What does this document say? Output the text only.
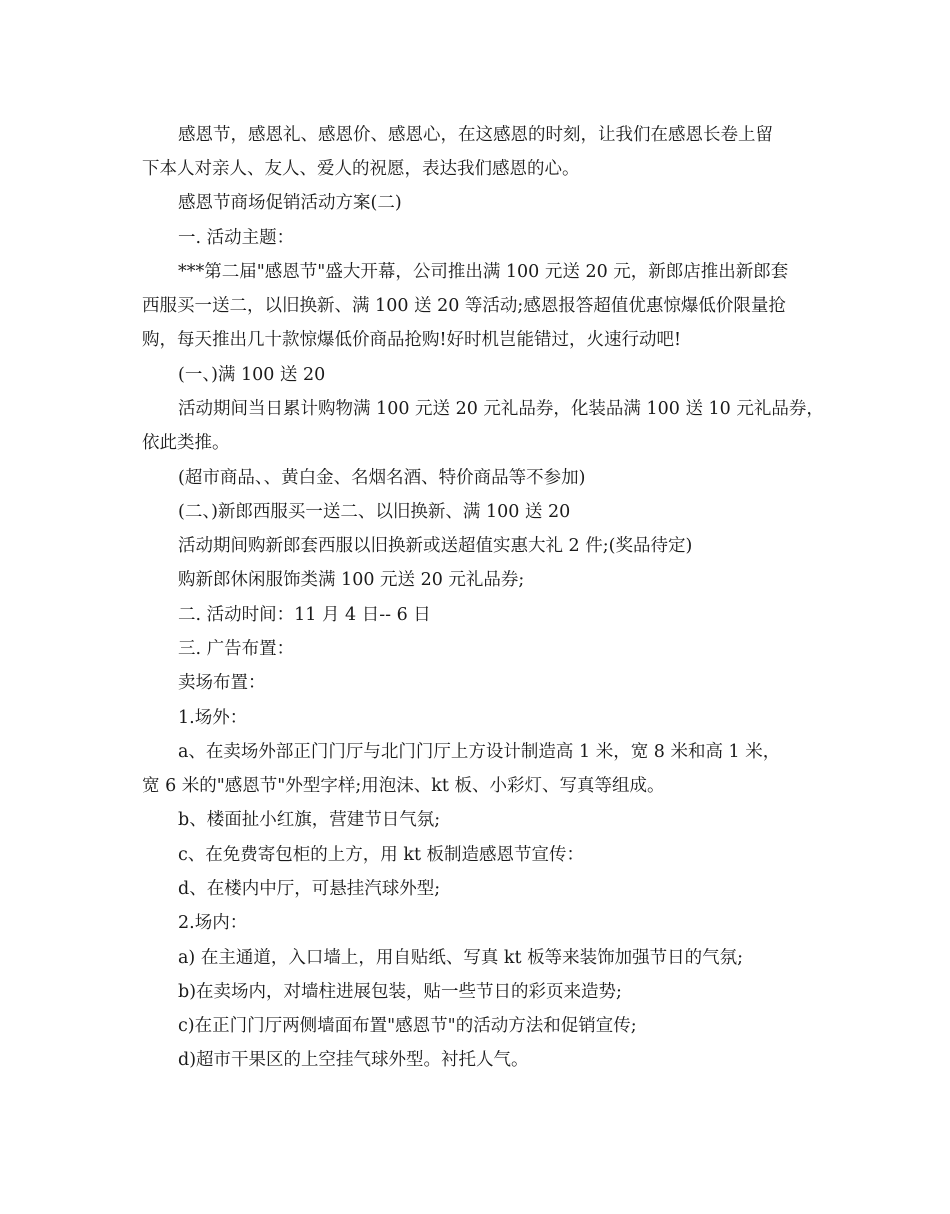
感恩节，感恩礼、感恩价、感恩心，在这感恩的时刻，让我们在感恩长卷上留
下本人对亲人、友人、爱人的祝愿，表达我们感恩的心。
感恩节商场促销活动方案(二)
一. 活动主题：
***第二届"感恩节"盛大开幕，公司推出满 100 元送 20 元，新郎店推出新郎套
西服买一送二，以旧换新、满 100 送 20 等活动;感恩报答超值优惠惊爆低价限量抢
购，每天推出几十款惊爆低价商品抢购!好时机岂能错过，火速行动吧!
(一、)满 100 送 20
活动期间当日累计购物满 100 元送 20 元礼品券，化装品满 100 送 10 元礼品券，
依此类推。
(超市商品、、黄白金、名烟名酒、特价商品等不参加)
(二、)新郎西服买一送二、以旧换新、满 100 送 20
活动期间购新郎套西服以旧换新或送超值实惠大礼 2 件;(奖品待定)
购新郎休闲服饰类满 100 元送 20 元礼品券;
二. 活动时间：11 月 4 日-- 6 日
三. 广告布置：
卖场布置：
1.场外：
a、在卖场外部正门门厅与北门门厅上方设计制造高 1 米，宽 8 米和高 1 米，
宽 6 米的"感恩节"外型字样;用泡沫、kt 板、小彩灯、写真等组成。
b、楼面扯小红旗，营建节日气氛;
c、在免费寄包柜的上方，用 kt 板制造感恩节宣传：
d、在楼内中厅，可悬挂汽球外型;
2.场内：
a) 在主通道，入口墙上，用自贴纸、写真 kt 板等来装饰加强节日的气氛;
b)在卖场内，对墙柱进展包装，贴一些节日的彩页来造势;
c)在正门门厅两侧墙面布置"感恩节"的活动方法和促销宣传;
d)超市干果区的上空挂气球外型。衬托人气。
